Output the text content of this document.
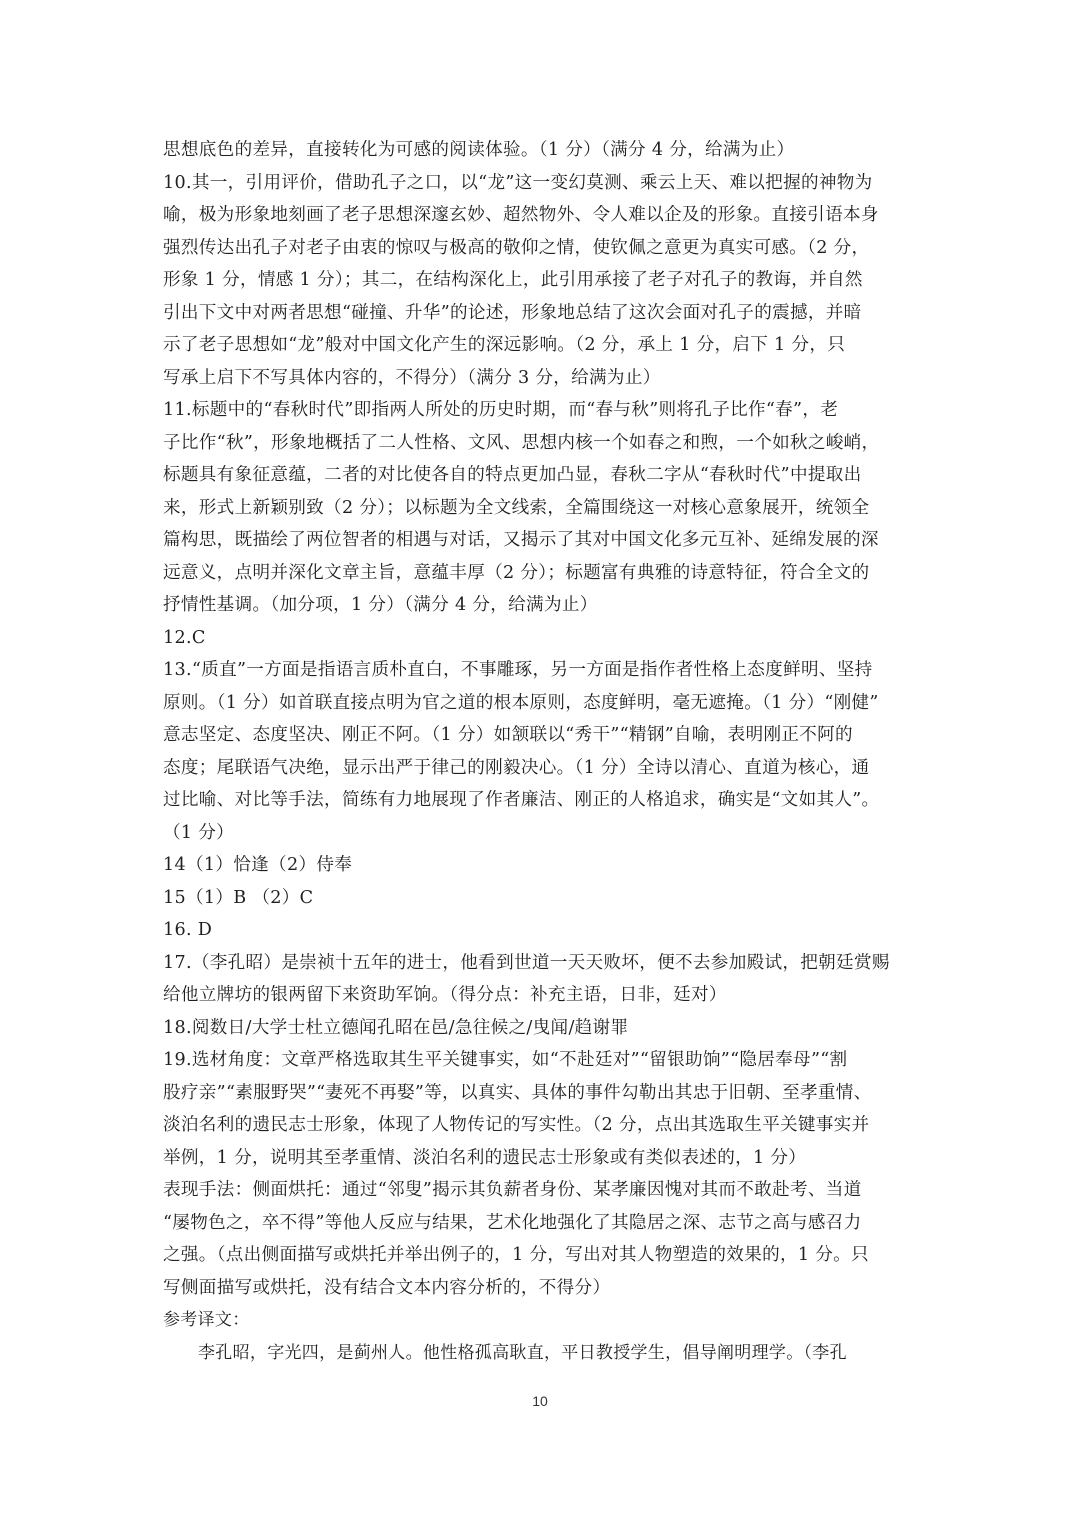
思想底色的差异，直接转化为可感的阅读体验。（1 分）（满分 4 分，给满为止）
10.其一，引用评价，借助孔子之口，以“龙”这一变幻莫测、乘云上天、难以把握的神物为
喻，极为形象地刻画了老子思想深邃玄妙、超然物外、令人难以企及的形象。直接引语本身
强烈传达出孔子对老子由衷的惊叹与极高的敬仰之情，使钦佩之意更为真实可感。（2 分，
形象 1 分，情感 1 分）；其二，在结构深化上，此引用承接了老子对孔子的教诲，并自然
引出下文中对两者思想“碰撞、升华”的论述，形象地总结了这次会面对孔子的震撼，并暗
示了老子思想如“龙”般对中国文化产生的深远影响。（2 分，承上 1 分，启下 1 分，只
写承上启下不写具体内容的，不得分）（满分 3 分，给满为止）
11.标题中的“春秋时代”即指两人所处的历史时期，而“春与秋”则将孔子比作“春”，老
子比作“秋”，形象地概括了二人性格、文风、思想内核一个如春之和煦，一个如秋之峻峭，
标题具有象征意蕴，二者的对比使各自的特点更加凸显，春秋二字从“春秋时代”中提取出
来，形式上新颖别致（2 分）；以标题为全文线索，全篇围绕这一对核心意象展开，统领全
篇构思，既描绘了两位智者的相遇与对话，又揭示了其对中国文化多元互补、延绵发展的深
远意义，点明并深化文章主旨，意蕴丰厚（2 分）；标题富有典雅的诗意特征，符合全文的
抒情性基调。（加分项，1 分）（满分 4 分，给满为止）
12.C
13.“质直”一方面是指语言质朴直白，不事雕琢，另一方面是指作者性格上态度鲜明、坚持
原则。（1 分）如首联直接点明为官之道的根本原则，态度鲜明，毫无遮掩。（1 分）“刚健”
意志坚定、态度坚决、刚正不阿。（1 分）如颔联以“秀干”“精钢”自喻，表明刚正不阿的
态度；尾联语气决绝，显示出严于律己的刚毅决心。（1 分）全诗以清心、直道为核心，通
过比喻、对比等手法，简练有力地展现了作者廉洁、刚正的人格追求，确实是“文如其人”。
（1 分）
14（1）恰逢（2）侍奉
15（1）B （2）C
16. D
17.（李孔昭）是崇祯十五年的进士，他看到世道一天天败坏，便不去参加殿试，把朝廷赏赐
给他立牌坊的银两留下来资助军饷。（得分点：补充主语，日非，廷对）
18.阅数日/大学士杜立德闻孔昭在邑/急往候之/曳闻/趋谢罪
19.选材角度：文章严格选取其生平关键事实，如“不赴廷对”“留银助饷”“隐居奉母”“割
股疗亲”“素服野哭”“妻死不再娶”等，以真实、具体的事件勾勒出其忠于旧朝、至孝重情、
淡泊名利的遗民志士形象，体现了人物传记的写实性。（2 分，点出其选取生平关键事实并
举例，1 分，说明其至孝重情、淡泊名利的遗民志士形象或有类似表述的，1 分）
表现手法：侧面烘托：通过“邻叟”揭示其负薪者身份、某孝廉因愧对其而不敢赴考、当道
“屡物色之，卒不得”等他人反应与结果，艺术化地强化了其隐居之深、志节之高与感召力
之强。（点出侧面描写或烘托并举出例子的，1 分，写出对其人物塑造的效果的，1 分。只
写侧面描写或烘托，没有结合文本内容分析的，不得分）
参考译文：
李孔昭，字光四，是蓟州人。他性格孤高耿直，平日教授学生，倡导阐明理学。（李孔
10
